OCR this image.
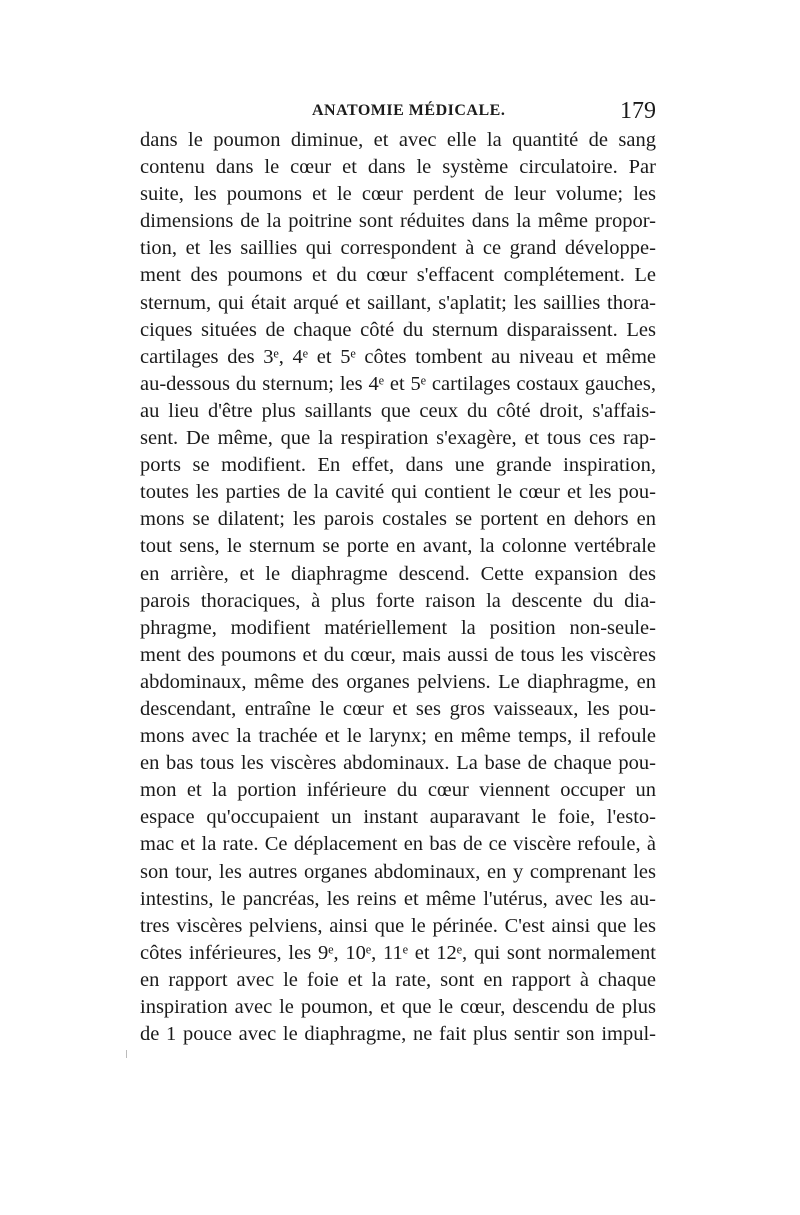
ANATOMIE MÉDICALE.	179
dans le poumon diminue, et avec elle la quantité de sang
contenu dans le cœur et dans le système circulatoire. Par
suite, les poumons et le cœur perdent de leur volume; les
dimensions de la poitrine sont réduites dans la même propor-
tion, et les saillies qui correspondent à ce grand développe-
ment des poumons et du cœur s'effacent complétement. Le
sternum, qui était arqué et saillant, s'aplatit; les saillies thora-
ciques situées de chaque côté du sternum disparaissent. Les
cartilages des 3ᵉ, 4ᵉ et 5ᵉ côtes tombent au niveau et même
au-dessous du sternum; les 4ᵉ et 5ᵉ cartilages costaux gauches,
au lieu d'être plus saillants que ceux du côté droit, s'affais-
sent. De même, que la respiration s'exagère, et tous ces rap-
ports se modifient. En effet, dans une grande inspiration,
toutes les parties de la cavité qui contient le cœur et les pou-
mons se dilatent; les parois costales se portent en dehors en
tout sens, le sternum se porte en avant, la colonne vertébrale
en arrière, et le diaphragme descend. Cette expansion des
parois thoraciques, à plus forte raison la descente du dia-
phragme, modifient matériellement la position non-seule-
ment des poumons et du cœur, mais aussi de tous les viscères
abdominaux, même des organes pelviens. Le diaphragme, en
descendant, entraîne le cœur et ses gros vaisseaux, les pou-
mons avec la trachée et le larynx; en même temps, il refoule
en bas tous les viscères abdominaux. La base de chaque pou-
mon et la portion inférieure du cœur viennent occuper un
espace qu'occupaient un instant auparavant le foie, l'esto-
mac et la rate. Ce déplacement en bas de ce viscère refoule, à
son tour, les autres organes abdominaux, en y comprenant les
intestins, le pancréas, les reins et même l'utérus, avec les au-
tres viscères pelviens, ainsi que le périnée. C'est ainsi que les
côtes inférieures, les 9ᵉ, 10ᵉ, 11ᵉ et 12ᵉ, qui sont normalement
en rapport avec le foie et la rate, sont en rapport à chaque
inspiration avec le poumon, et que le cœur, descendu de plus
de 1 pouce avec le diaphragme, ne fait plus sentir son impul-
